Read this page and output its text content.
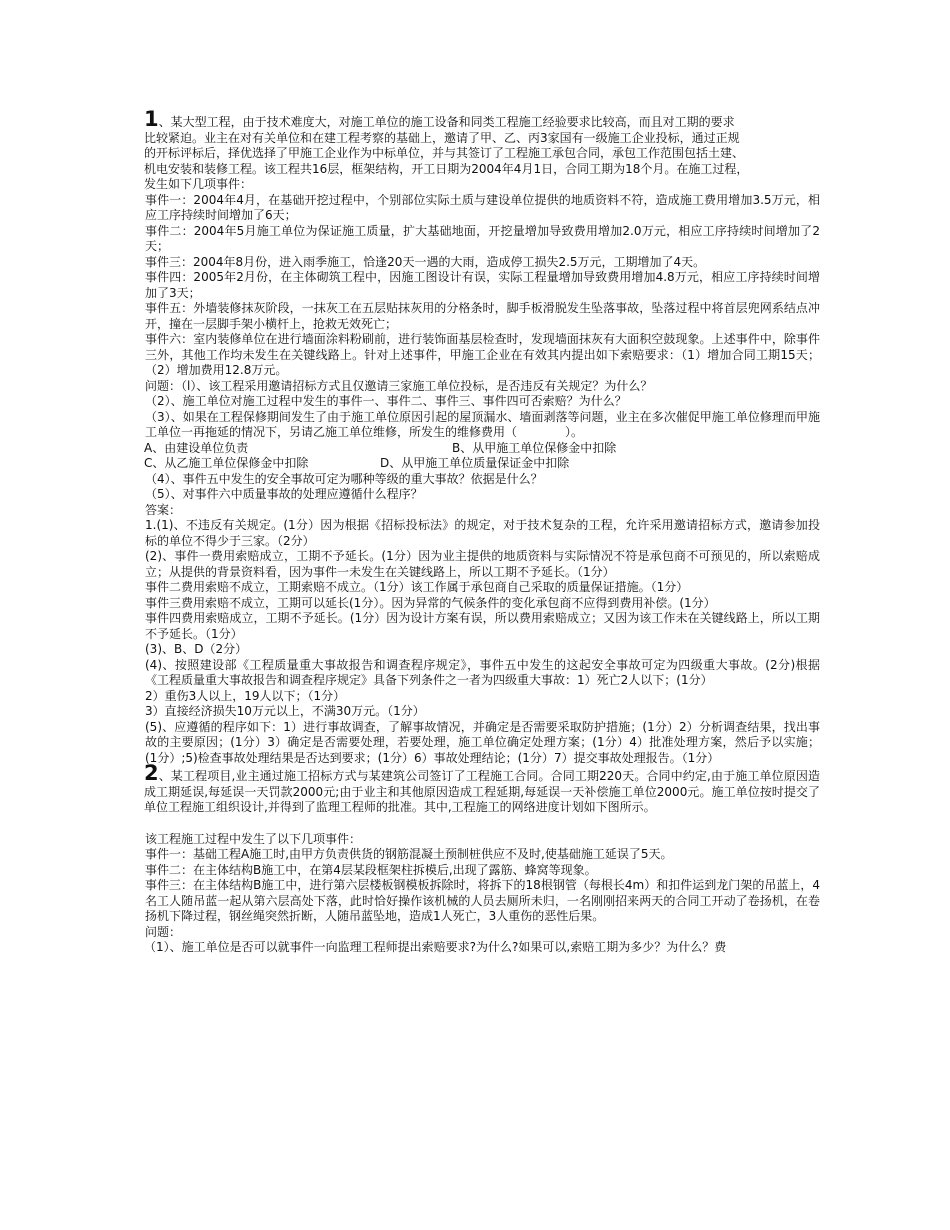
1、某大型工程，由于技术难度大，对施工单位的施工设备和同类工程施工经验要求比较高，而且对工期的要求
比较紧迫。业主在对有关单位和在建工程考察的基础上，邀请了甲、乙、丙3家国有一级施工企业投标，通过正规
的开标评标后，择优选择了甲施工企业作为中标单位，并与其签订了工程施工承包合同，承包工作范围包括土建、
机电安装和装修工程。该工程共16层，框架结构，开工日期为2004年4月1日，合同工期为18个月。在施工过程，
发生如下几项事件：

事件一：2004年4月，在基础开挖过程中，个别部位实际土质与建设单位提供的地质资料不符，造成施工费用增加3.5万元，相应工序持续时间增加了6天；

事件二：2004年5月施工单位为保证施工质量，扩大基础地面，开挖量增加导致费用增加2.0万元，相应工序持续时间增加了2天；

事件三：2004年8月份，进入雨季施工，恰逢20天一遇的大雨，造成停工损失2.5万元，工期增加了4天。

事件四：2005年2月份，在主体砌筑工程中，因施工图设计有误，实际工程量增加导致费用增加4.8万元，相应工序持续时间增加了3天；

事件五：外墙装修抹灰阶段，一抹灰工在五层贴抹灰用的分格条时，脚手板滑脱发生坠落事故，坠落过程中将首层兜网系结点冲开，撞在一层脚手架小横杆上，抢救无效死亡；

事件六：室内装修单位在进行墙面涂料粉刷前，进行装饰面基层检查时，发现墙面抹灰有大面积空鼓现象。上述事件中，除事件三外，其他工作均未发生在关键线路上。针对上述事件，甲施工企业在有效其内提出如下索赔要求：（1）增加合同工期15天；（2）增加费用12.8万元。

问题：（l）、该工程采用邀请招标方式且仅邀请三家施工单位投标，是否违反有关规定？为什么？

（2）、施工单位对施工过程中发生的事件一、事件二、事件三、事件四可否索赔？为什么？

（3）、如果在工程保修期间发生了由于施工单位原因引起的屋顶漏水、墙面剥落等问题，业主在多次催促甲施工单位修理而甲施工单位一再拖延的情况下，另请乙施工单位维修，所发生的维修费用（　　　　）。

A、由建设单位负责	B、从甲施工单位保修金中扣除
C、从乙施工单位保修金中扣除	D、从甲施工单位质量保证金中扣除

（4）、事件五中发生的安全事故可定为哪种等级的重大事故？依据是什么？

（5）、对事件六中质量事故的处理应遵循什么程序？

答案：

1.(1)、不违反有关规定。(1分）因为根据《招标投标法》的规定，对于技术复杂的工程，允许采用邀请招标方式，邀请参加投标的单位不得少于三家。（2分）

(2)、事件一费用索赔成立，工期不予延长。(1分）因为业主提供的地质资料与实际情况不符是承包商不可预见的，所以索赔成立；从提供的背景资料看，因为事件一未发生在关键线路上，所以工期不予延长。（1分）

事件二费用索赔不成立，工期索赔不成立。（1分）该工作属于承包商自己采取的质量保证措施。（1分）

事件三费用索赔不成立，工期可以延长(1分）。因为异常的气候条件的变化承包商不应得到费用补偿。(1分）

事件四费用索赔成立，工期不予延长。(1分）因为设计方案有误，所以费用索赔成立；又因为该工作未在关键线路上，所以工期不予延长。（1分）

(3)、B、D（2分）

(4)、按照建设部《工程质量重大事故报告和调查程序规定》，事件五中发生的这起安全事故可定为四级重大事故。(2分)根据《工程质量重大事故报告和调查程序规定》具备下列条件之一者为四级重大事故：1）死亡2人以下；(1分）

2）重伤3人以上，19人以下；（1分）

3）直接经济损失10万元以上，不满30万元。（1分）

(5)、应遵循的程序如下：1）进行事故调查，了解事故情况，并确定是否需要采取防护措施；(1分）2）分析调查结果，找出事故的主要原因；(1分）3）确定是否需要处理，若要处理，施工单位确定处理方案；(1分）4）批准处理方案，然后予以实施；(1分）;5)检查事故处理结果是否达到要求；(1分）6）事故处理结论；(1分）7）提交事故处理报告。（1分）

2、某工程项目,业主通过施工招标方式与某建筑公司签订了工程施工合同。合同工期220天。合同中约定,由于施工单位原因造成工期延误,每延误一天罚款2000元;由于业主和其他原因造成工程延期,每延误一天补偿施工单位2000元。施工单位按时提交了单位工程施工组织设计,并得到了监理工程师的批准。其中,工程施工的网络进度计划如下图所示。

该工程施工过程中发生了以下几项事件：

事件一：基础工程A施工时,由甲方负责供货的钢筋混凝土预制桩供应不及时,使基础施工延误了5天。

事件二：在主体结构B施工中，在第4层某段框架柱拆模后,出现了露筋、蜂窝等现象。

事件三：在主体结构B施工中，进行第六层楼板钢模板拆除时，将拆下的18根钢管（每根长4m）和扣件运到龙门架的吊蓝上，4名工人随吊蓝一起从第六层高处下落，此时恰好操作该机械的人员去厕所未归，一名刚刚招来两天的合同工开动了卷扬机，在卷扬机下降过程，钢丝绳突然折断，人随吊蓝坠地，造成1人死亡，3人重伤的恶性后果。

问题：

（1）、施工单位是否可以就事件一向监理工程师提出索赔要求?为什么?如果可以,索赔工期为多少？为什么？费
